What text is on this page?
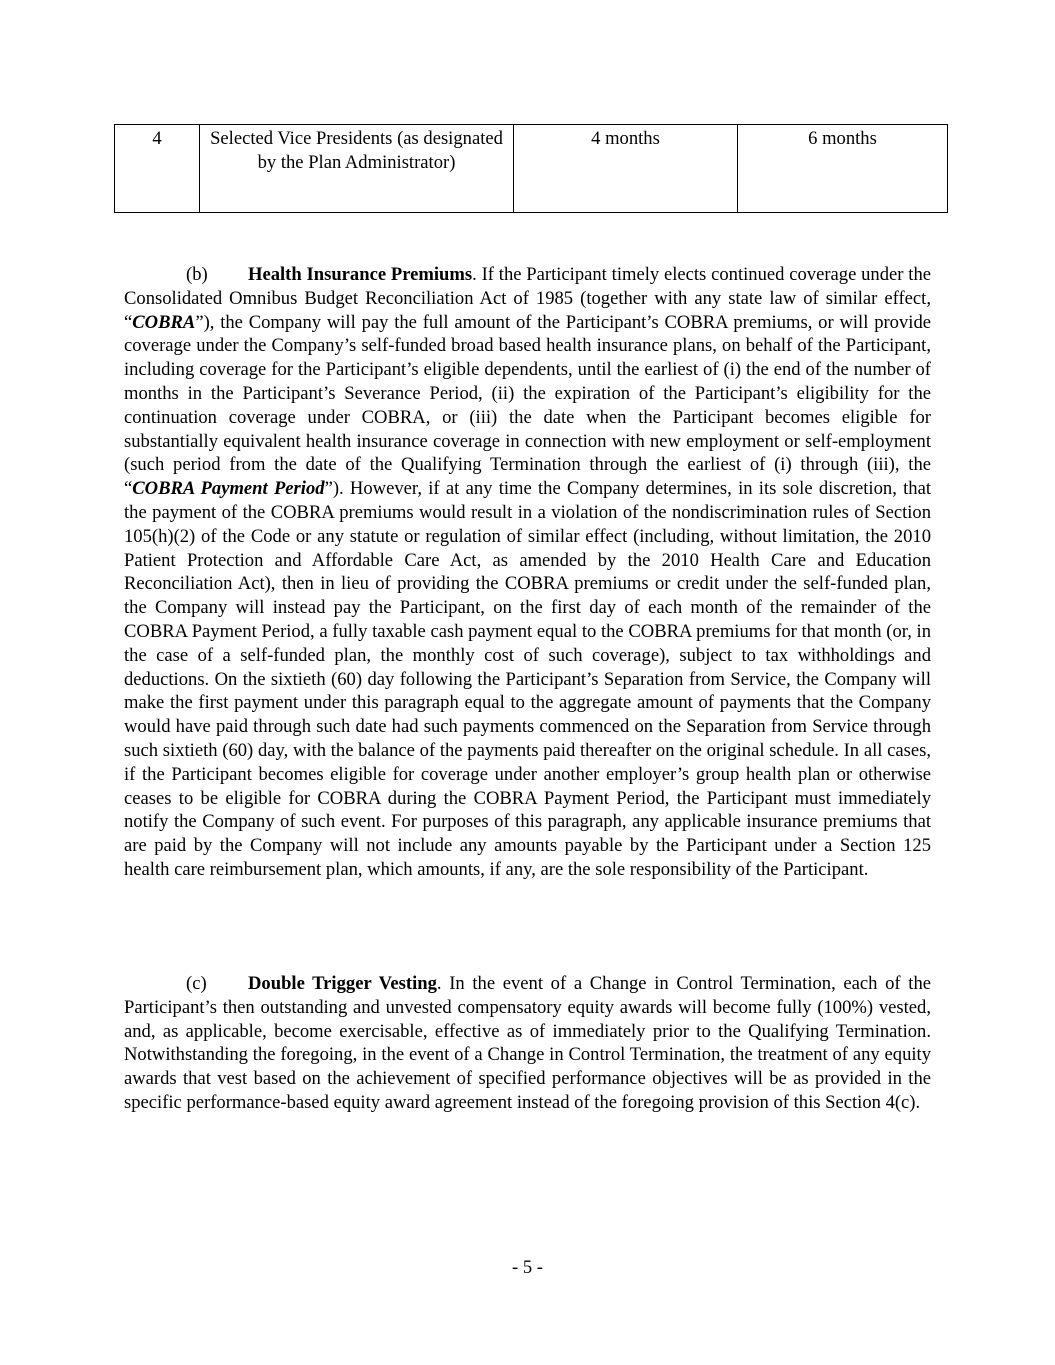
4	Selected Vice Presidents (as designated by the Plan Administrator)	4 months	6 months

(b) Health Insurance Premiums. If the Participant timely elects continued coverage under the Consolidated Omnibus Budget Reconciliation Act of 1985 (together with any state law of similar effect, “COBRA”), the Company will pay the full amount of the Participant’s COBRA premiums, or will provide coverage under the Company’s self-funded broad based health insurance plans, on behalf of the Participant, including coverage for the Participant’s eligible dependents, until the earliest of (i) the end of the number of months in the Participant’s Severance Period, (ii) the expiration of the Participant’s eligibility for the continuation coverage under COBRA, or (iii) the date when the Participant becomes eligible for substantially equivalent health insurance coverage in connection with new employment or self-employment (such period from the date of the Qualifying Termination through the earliest of (i) through (iii), the “COBRA Payment Period”). However, if at any time the Company determines, in its sole discretion, that the payment of the COBRA premiums would result in a violation of the nondiscrimination rules of Section 105(h)(2) of the Code or any statute or regulation of similar effect (including, without limitation, the 2010 Patient Protection and Affordable Care Act, as amended by the 2010 Health Care and Education Reconciliation Act), then in lieu of providing the COBRA premiums or credit under the self-funded plan, the Company will instead pay the Participant, on the first day of each month of the remainder of the COBRA Payment Period, a fully taxable cash payment equal to the COBRA premiums for that month (or, in the case of a self-funded plan, the monthly cost of such coverage), subject to tax withholdings and deductions. On the sixtieth (60) day following the Participant’s Separation from Service, the Company will make the first payment under this paragraph equal to the aggregate amount of payments that the Company would have paid through such date had such payments commenced on the Separation from Service through such sixtieth (60) day, with the balance of the payments paid thereafter on the original schedule. In all cases, if the Participant becomes eligible for coverage under another employer’s group health plan or otherwise ceases to be eligible for COBRA during the COBRA Payment Period, the Participant must immediately notify the Company of such event. For purposes of this paragraph, any applicable insurance premiums that are paid by the Company will not include any amounts payable by the Participant under a Section 125 health care reimbursement plan, which amounts, if any, are the sole responsibility of the Participant.

(c) Double Trigger Vesting. In the event of a Change in Control Termination, each of the Participant’s then outstanding and unvested compensatory equity awards will become fully (100%) vested, and, as applicable, become exercisable, effective as of immediately prior to the Qualifying Termination. Notwithstanding the foregoing, in the event of a Change in Control Termination, the treatment of any equity awards that vest based on the achievement of specified performance objectives will be as provided in the specific performance-based equity award agreement instead of the foregoing provision of this Section 4(c).

- 5 -
